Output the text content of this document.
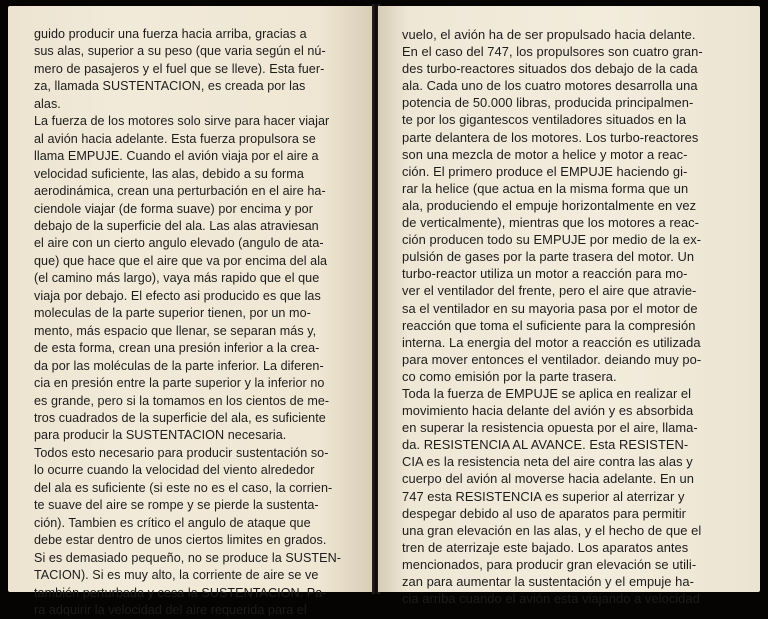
guido producir una fuerza hacia arriba, gracias a
sus alas, superior a su peso (que varia según el nú-
mero de pasajeros y el fuel que se lleve). Esta fuer-
za, llamada SUSTENTACION, es creada por las
alas.
La fuerza de los motores solo sirve para hacer viajar
al avión hacia adelante. Esta fuerza propulsora se
llama EMPUJE. Cuando el avión viaja por el aire a
velocidad suficiente, las alas, debido a su forma
aerodinámica, crean una perturbación en el aire ha-
ciendole viajar (de forma suave) por encima y por
debajo de la superficie del ala. Las alas atraviesan
el aire con un cierto angulo elevado (angulo de ata-
que) que hace que el aire que va por encima del ala
(el camino más largo), vaya más rapido que el que
viaja por debajo. El efecto asi producido es que las
moleculas de la parte superior tienen, por un mo-
mento, más espacio que llenar, se separan más y,
de esta forma, crean una presión inferior a la crea-
da por las moléculas de la parte inferior. La diferen-
cia en presión entre la parte superior y la inferior no
es grande, pero si la tomamos en los cientos de me-
tros cuadrados de la superficie del ala, es suficiente
para producir la SUSTENTACION necesaria.
Todos esto necesario para producir sustentación so-
lo ocurre cuando la velocidad del viento alrededor
del ala es suficiente (si este no es el caso, la corrien-
te suave del aire se rompe y se pierde la sustenta-
ción). Tambien es crítico el angulo de ataque que
debe estar dentro de unos ciertos limites en grados.
Si es demasiado pequeño, no se produce la SUSTEN-
TACION). Si es muy alto, la corriente de aire se ve
también perturbada y cesa la SUSTENTACION. Pa-
ra adquirir la velocidad del aire requerida para el
vuelo, el avión ha de ser propulsado hacia delante.
En el caso del 747, los propulsores son cuatro gran-
des turbo-reactores situados dos debajo de la cada
ala. Cada uno de los cuatro motores desarrolla una
potencia de 50.000 libras, producida principalmen-
te por los gigantescos ventiladores situados en la
parte delantera de los motores. Los turbo-reactores
son una mezcla de motor a helice y motor a reac-
ción. El primero produce el EMPUJE haciendo gi-
rar la helice (que actua en la misma forma que un
ala, produciendo el empuje horizontalmente en vez
de verticalmente), mientras que los motores a reac-
ción producen todo su EMPUJE por medio de la ex-
pulsión de gases por la parte trasera del motor. Un
turbo-reactor utiliza un motor a reacción para mo-
ver el ventilador del frente, pero el aire que atravie-
sa el ventilador en su mayoria pasa por el motor de
reacción que toma el suficiente para la compresión
interna. La energia del motor a reacción es utilizada
para mover entonces el ventilador. deiando muy po-
co como emisión por la parte trasera.
Toda la fuerza de EMPUJE se aplica en realizar el
movimiento hacia delante del avión y es absorbida
en superar la resistencia opuesta por el aire, llama-
da. RESISTENCIA AL AVANCE. Esta RESISTEN-
CIA es la resistencia neta del aire contra las alas y
cuerpo del avión al moverse hacia adelante. En un
747 esta RESISTENCIA es superior al aterrizar y
despegar debido al uso de aparatos para permitir
una gran elevación en las alas, y el hecho de que el
tren de aterrizaje este bajado. Los aparatos antes
mencionados, para producir gran elevación se utili-
zan para aumentar la sustentación y el empuje ha-
cia arriba cuando el avión esta viajando a velocidad
